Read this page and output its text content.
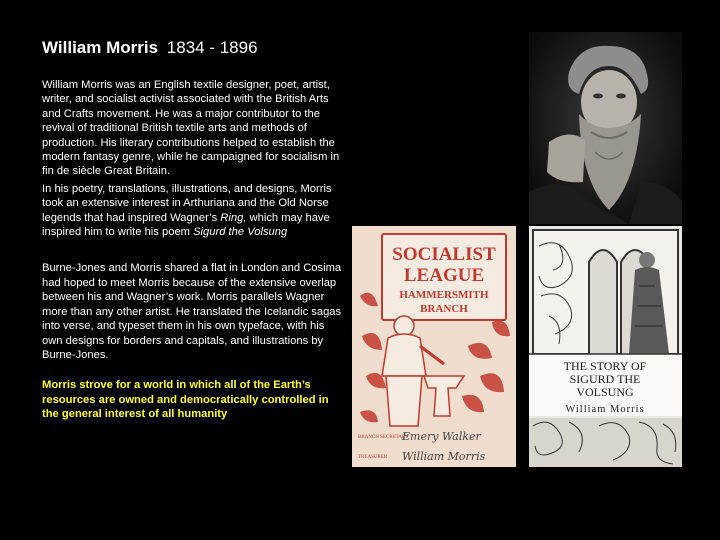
William Morris 1834 - 1896

William Morris was an English textile designer, poet, artist, writer, and socialist activist associated with the British Arts and Crafts movement. He was a major contributor to the revival of traditional British textile arts and methods of production. His literary contributions helped to establish the modern fantasy genre, while he campaigned for socialism in fin de siècle Great Britain.

In his poetry, translations, illustrations, and designs, Morris took an extensive interest in Arthuriana and the Old Norse legends that had inspired Wagner’s Ring, which may have inspired him to write his poem Sigurd the Volsung

Burne-Jones and Morris shared a flat in London and Cosima had hoped to meet Morris because of the extensive overlap between his and Wagner’s work. Morris parallels Wagner more than any other artist. He translated the Icelandic sagas into verse, and typeset them in his own typeface, with his own designs for borders and capitals, and illustrations by Burne-Jones.

Morris strove for a world in which all of the Earth’s resources are owned and democratically controlled in the general interest of all humanity

SOCIALIST
LEAGUE
HAMMERSMITH
BRANCH
BRANCH SECRETARY
Emery Walker
TREASURER William Morris
THE STORY OF
SIGURD THE
VOLSUNG
William Morris
